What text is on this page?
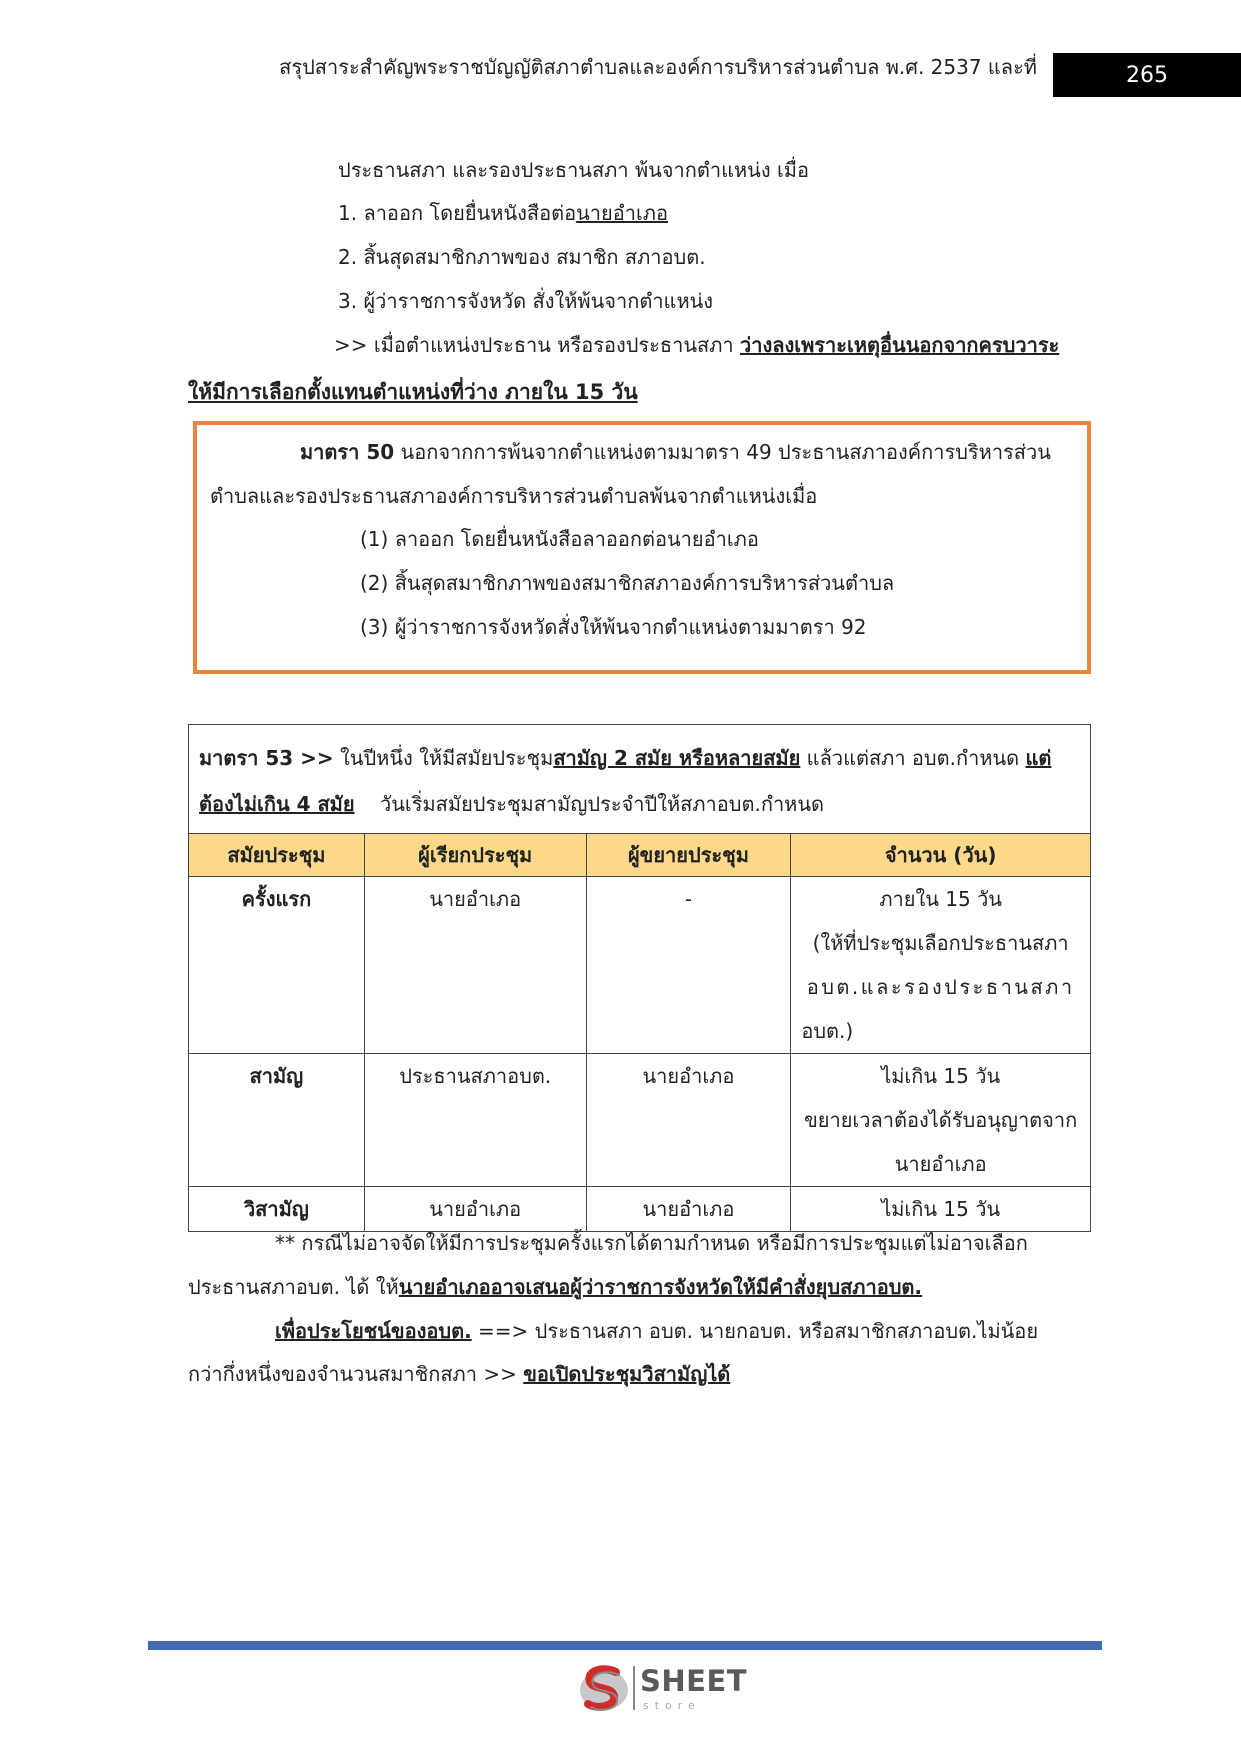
สรุปสาระสำคัญพระราชบัญญัติสภาตำบลและองค์การบริหารส่วนตำบล พ.ศ. 2537 และที่	265
ประธานสภา และรองประธานสภา พ้นจากตำแหน่ง เมื่อ
1. ลาออก โดยยื่นหนังสือต่อนายอำเภอ
2. สิ้นสุดสมาชิกภาพของ สมาชิก สภาอบต.
3. ผู้ว่าราชการจังหวัด สั่งให้พ้นจากตำแหน่ง
>> เมื่อตำแหน่งประธาน หรือรองประธานสภา ว่างลงเพราะเหตุอื่นนอกจากครบวาระ
ให้มีการเลือกตั้งแทนตำแหน่งที่ว่าง ภายใน 15 วัน
มาตรา 50 นอกจากการพ้นจากตำแหน่งตามมาตรา 49 ประธานสภาองค์การบริหารส่วน
ตำบลและรองประธานสภาองค์การบริหารส่วนตำบลพ้นจากตำแหน่งเมื่อ
(1) ลาออก โดยยื่นหนังสือลาออกต่อนายอำเภอ
(2) สิ้นสุดสมาชิกภาพของสมาชิกสภาองค์การบริหารส่วนตำบล
(3) ผู้ว่าราชการจังหวัดสั่งให้พ้นจากตำแหน่งตามมาตรา 92
มาตรา 53 >> ในปีหนึ่ง ให้มีสมัยประชุมสามัญ 2 สมัย หรือหลายสมัย แล้วแต่สภา อบต.กำหนด แต่
ต้องไม่เกิน 4 สมัย    วันเริ่มสมัยประชุมสามัญประจำปีให้สภาอบต.กำหนด			
สมัยประชุม	ผู้เรียกประชุม	ผู้ขยายประชุม	จำนวน (วัน)
ครั้งแรก	นายอำเภอ	-	ภายใน 15 วัน
(ให้ที่ประชุมเลือกประธานสภา
อบต.และรองประธานสภา
อบต.)

สามัญ	ประธานสภาอบต.	นายอำเภอ	ไม่เกิน 15 วัน
ขยายเวลาต้องได้รับอนุญาตจาก
นายอำเภอ

วิสามัญ	นายอำเภอ	นายอำเภอ	ไม่เกิน 15 วัน
** กรณีไม่อาจจัดให้มีการประชุมครั้งแรกได้ตามกำหนด หรือมีการประชุมแต่ไม่อาจเลือก
ประธานสภาอบต. ได้ ให้นายอำเภออาจเสนอผู้ว่าราชการจังหวัดให้มีคำสั่งยุบสภาอบต.
เพื่อประโยชน์ของอบต. ==> ประธานสภา อบต. นายกอบต. หรือสมาชิกสภาอบต.ไม่น้อย
กว่ากึ่งหนึ่งของจำนวนสมาชิกสภา >> ขอเปิดประชุมวิสามัญได้
SHEET
store
